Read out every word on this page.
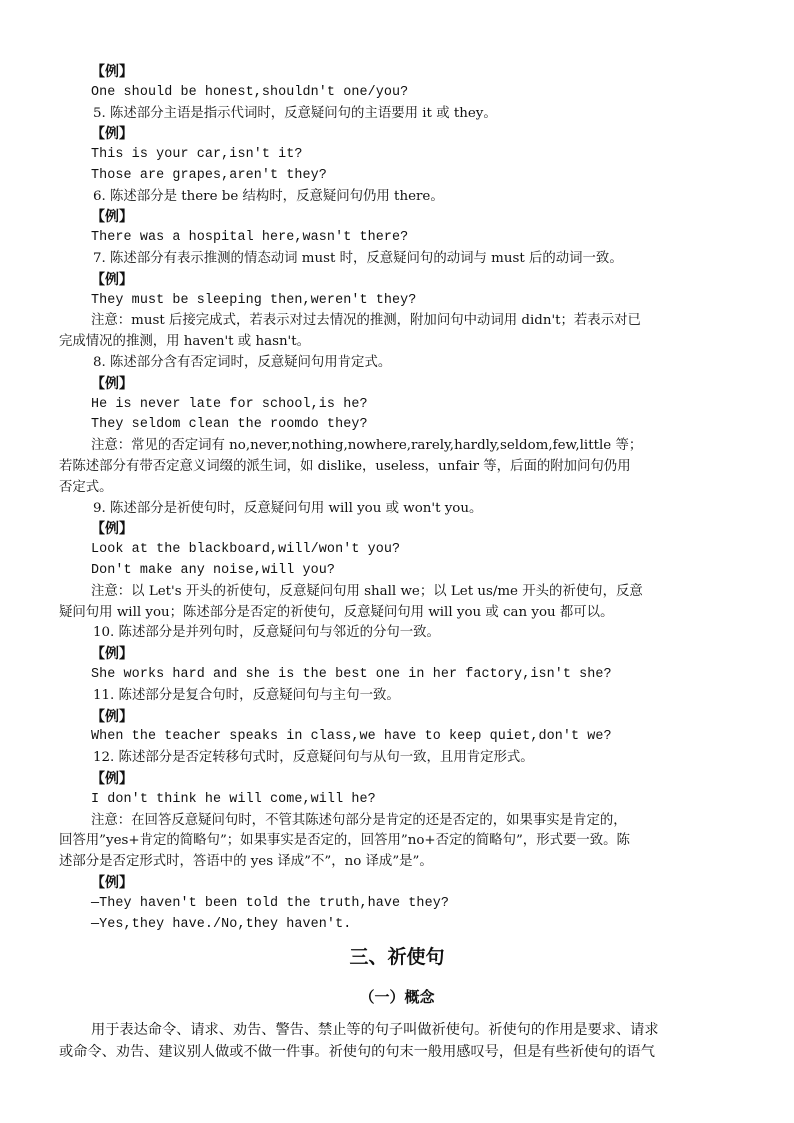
【例】
One should be honest,shouldn't one/you?
5. 陈述部分主语是指示代词时，反意疑问句的主语要用 it 或 they。
【例】
This is your car,isn't it?
Those are grapes,aren't they?
6. 陈述部分是 there be 结构时，反意疑问句仍用 there。
【例】
There was a hospital here,wasn't there?
7. 陈述部分有表示推测的情态动词 must 时，反意疑问句的动词与 must 后的动词一致。
【例】
They must be sleeping then,weren't they?
注意：must 后接完成式，若表示对过去情况的推测，附加问句中动词用 didn't；若表示对已
完成情况的推测，用 haven't 或 hasn't。
8. 陈述部分含有否定词时，反意疑问句用肯定式。
【例】
He is never late for school,is he?
They seldom clean the roomdo they?
注意：常见的否定词有 no,never,nothing,nowhere,rarely,hardly,seldom,few,little 等；
若陈述部分有带否定意义词缀的派生词，如 dislike，useless，unfair 等，后面的附加问句仍用
否定式。
9. 陈述部分是祈使句时，反意疑问句用 will you 或 won't you。
【例】
Look at the blackboard,will/won't you?
Don't make any noise,will you?
注意：以 Let's 开头的祈使句，反意疑问句用 shall we；以 Let us/me 开头的祈使句，反意
疑问句用 will you；陈述部分是否定的祈使句，反意疑问句用 will you 或 can you 都可以。
10. 陈述部分是并列句时，反意疑问句与邻近的分句一致。
【例】
She works hard and she is the best one in her factory,isn't she?
11. 陈述部分是复合句时，反意疑问句与主句一致。
【例】
When the teacher speaks in class,we have to keep quiet,don't we?
12. 陈述部分是否定转移句式时，反意疑问句与从句一致，且用肯定形式。
【例】
I don't think he will come,will he?
注意：在回答反意疑问句时，不管其陈述句部分是肯定的还是否定的，如果事实是肯定的，
回答用”yes+肯定的简略句”；如果事实是否定的，回答用”no+否定的简略句”，形式要一致。陈
述部分是否定形式时，答语中的 yes 译成”不”，no 译成”是”。
【例】
—They haven't been told the truth,have they?
—Yes,they have./No,they haven't.
三、祈使句
（一）概念
用于表达命令、请求、劝告、警告、禁止等的句子叫做祈使句。祈使句的作用是要求、请求
或命令、劝告、建议别人做或不做一件事。祈使句的句末一般用感叹号，但是有些祈使句的语气
